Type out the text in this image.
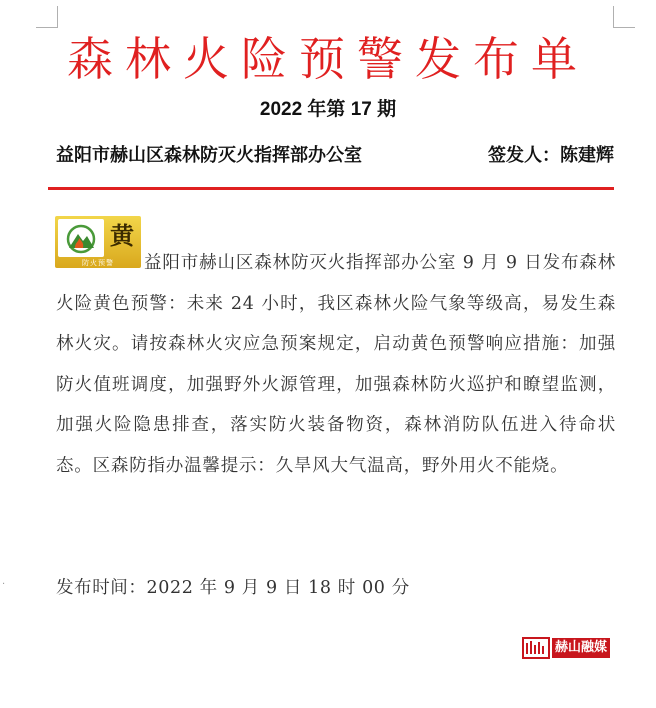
·
森林火险预警发布单
2022 年第 17 期
益阳市赫山区森林防灭火指挥部办公室	签发人：陈建辉
黄
防火预警	益阳市赫山区森林防灭火指挥部办公室 9 月 9 日发布森林火险黄色预警：未来 24 小时，我区森林火险气象等级高，易发生森林火灾。请按森林火灾应急预案规定，启动黄色预警响应措施：加强防火值班调度，加强野外火源管理，加强森林防火巡护和瞭望监测，加强火险隐患排查，落实防火装备物资，森林消防队伍进入待命状态。区森防指办温馨提示：久旱风大气温高，野外用火不能烧。
发布时间：2022 年 9 月 9 日 18 时 00 分
赫山融媒
